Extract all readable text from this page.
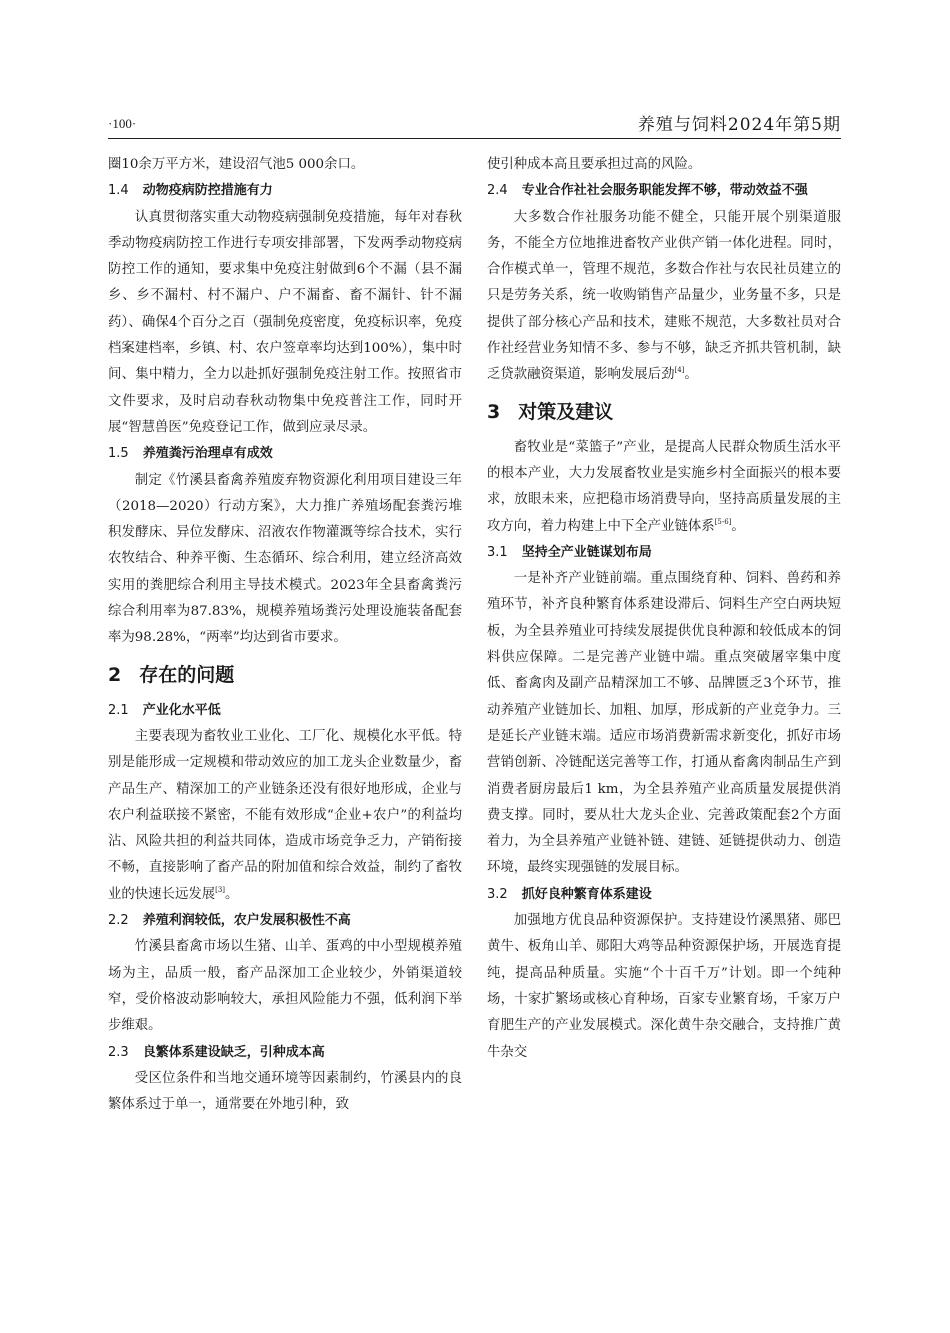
·100·	养殖与饲料2024年第5期

圈10余万平方米，建设沼气池5 000余口。

1.4 动物疫病防控措施有力

认真贯彻落实重大动物疫病强制免疫措施，每年对春秋季动物疫病防控工作进行专项安排部署，下发两季动物疫病防控工作的通知，要求集中免疫注射做到6个不漏（县不漏乡、乡不漏村、村不漏户、户不漏畜、畜不漏针、针不漏药）、确保4个百分之百（强制免疫密度，免疫标识率，免疫档案建档率，乡镇、村、农户签章率均达到100%），集中时间、集中精力，全力以赴抓好强制免疫注射工作。按照省市文件要求，及时启动春秋动物集中免疫普注工作，同时开展“智慧兽医”免疫登记工作，做到应录尽录。

1.5 养殖粪污治理卓有成效

制定《竹溪县畜禽养殖废弃物资源化利用项目建设三年（2018—2020）行动方案》，大力推广养殖场配套粪污堆积发酵床、异位发酵床、沼液农作物灌溉等综合技术，实行农牧结合、种养平衡、生态循环、综合利用，建立经济高效实用的粪肥综合利用主导技术模式。2023年全县畜禽粪污综合利用率为87.83%，规模养殖场粪污处理设施装备配套率为98.28%，“两率”均达到省市要求。

2 存在的问题
2.1 产业化水平低

主要表现为畜牧业工业化、工厂化、规模化水平低。特别是能形成一定规模和带动效应的加工龙头企业数量少，畜产品生产、精深加工的产业链条还没有很好地形成，企业与农户利益联接不紧密，不能有效形成“企业+农户”的利益均沾、风险共担的利益共同体，造成市场竞争乏力，产销衔接不畅，直接影响了畜产品的附加值和综合效益，制约了畜牧业的快速长远发展[3]。

2.2 养殖利润较低，农户发展积极性不高

竹溪县畜禽市场以生猪、山羊、蛋鸡的中小型规模养殖场为主，品质一般，畜产品深加工企业较少，外销渠道较窄，受价格波动影响较大，承担风险能力不强，低利润下举步维艰。

2.3 良繁体系建设缺乏，引种成本高

受区位条件和当地交通环境等因素制约，竹溪县内的良繁体系过于单一，通常要在外地引种，致

使引种成本高且要承担过高的风险。

2.4 专业合作社社会服务职能发挥不够，带动效益不强

大多数合作社服务功能不健全，只能开展个别渠道服务，不能全方位地推进畜牧产业供产销一体化进程。同时，合作模式单一，管理不规范，多数合作社与农民社员建立的只是劳务关系，统一收购销售产品量少，业务量不多，只是提供了部分核心产品和技术，建账不规范，大多数社员对合作社经营业务知情不多、参与不够，缺乏齐抓共管机制，缺乏贷款融资渠道，影响发展后劲[4]。

3 对策及建议

畜牧业是“菜篮子”产业，是提高人民群众物质生活水平的根本产业，大力发展畜牧业是实施乡村全面振兴的根本要求，放眼未来，应把稳市场消费导向，坚持高质量发展的主攻方向，着力构建上中下全产业链体系[5-6]。

3.1 坚持全产业链谋划布局

一是补齐产业链前端。重点围绕育种、饲料、兽药和养殖环节，补齐良种繁育体系建设滞后、饲料生产空白两块短板，为全县养殖业可持续发展提供优良种源和较低成本的饲料供应保障。二是完善产业链中端。重点突破屠宰集中度低、畜禽肉及副产品精深加工不够、品牌匮乏3个环节，推动养殖产业链加长、加粗、加厚，形成新的产业竞争力。三是延长产业链末端。适应市场消费新需求新变化，抓好市场营销创新、冷链配送完善等工作，打通从畜禽肉制品生产到消费者厨房最后1 km，为全县养殖产业高质量发展提供消费支撑。同时，要从壮大龙头企业、完善政策配套2个方面着力，为全县养殖产业链补链、建链、延链提供动力、创造环境，最终实现强链的发展目标。

3.2 抓好良种繁育体系建设

加强地方优良品种资源保护。支持建设竹溪黑猪、郧巴黄牛、板角山羊、郧阳大鸡等品种资源保护场，开展选育提纯，提高品种质量。实施“个十百千万”计划。即一个纯种场，十家扩繁场或核心育种场，百家专业繁育场，千家万户育肥生产的产业发展模式。深化黄牛杂交融合，支持推广黄牛杂交
